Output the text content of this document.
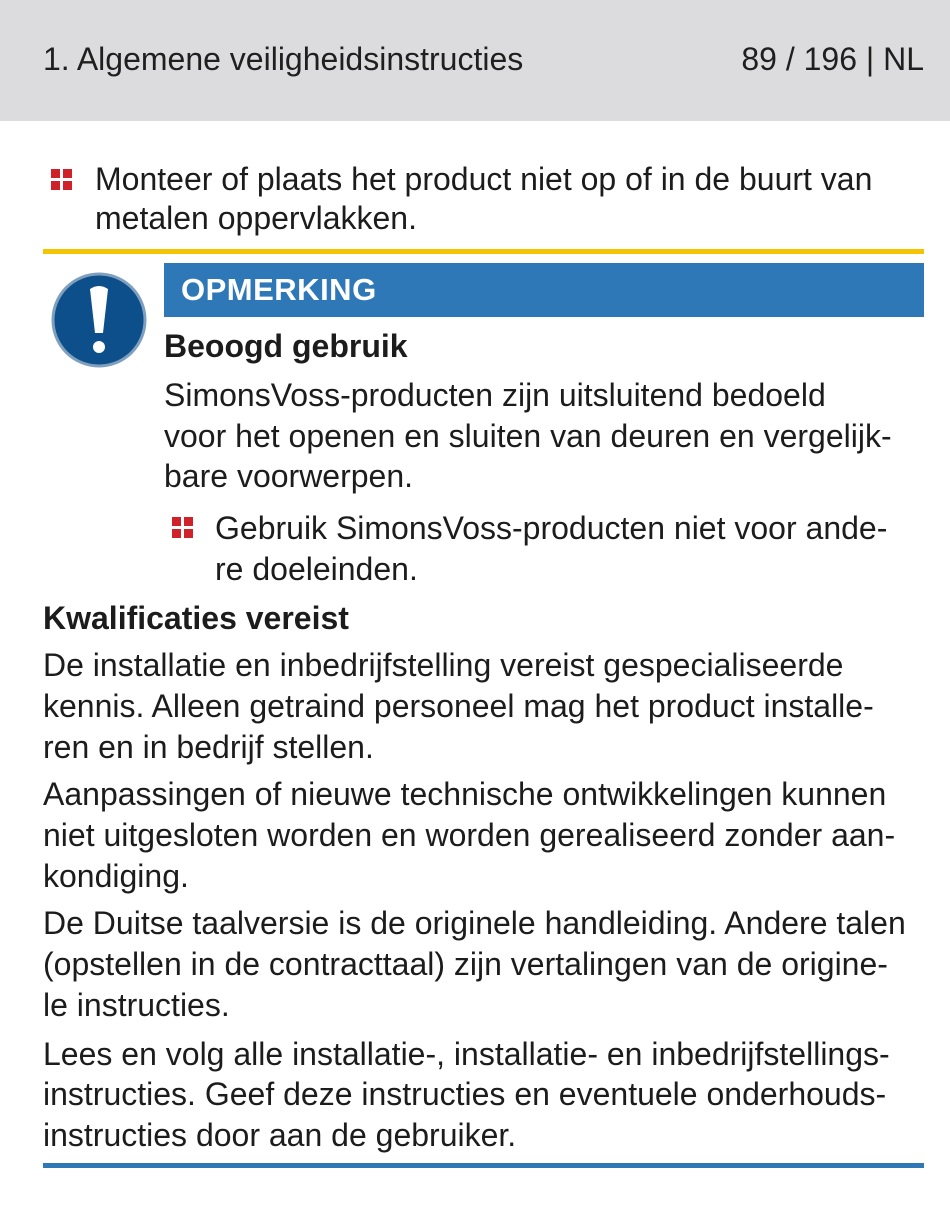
1. Algemene veiligheidsinstructies	89 / 196 | NL
Monteer of plaats het product niet op of in de buurt van
metalen oppervlakken.
OPMERKING
Beoogd gebruik
SimonsVoss-producten zijn uitsluitend bedoeld
voor het openen en sluiten van deuren en vergelijk-
bare voorwerpen.
Gebruik SimonsVoss-producten niet voor ande-
re doeleinden.
Kwalificaties vereist
De installatie en inbedrijfstelling vereist gespecialiseerde
kennis. Alleen getraind personeel mag het product installe-
ren en in bedrijf stellen.
Aanpassingen of nieuwe technische ontwikkelingen kunnen
niet uitgesloten worden en worden gerealiseerd zonder aan-
kondiging.
De Duitse taalversie is de originele handleiding. Andere talen
(opstellen in de contracttaal) zijn vertalingen van de origine-
le instructies.
Lees en volg alle installatie-, installatie- en inbedrijfstellings-
instructies. Geef deze instructies en eventuele onderhouds-
instructies door aan de gebruiker.
